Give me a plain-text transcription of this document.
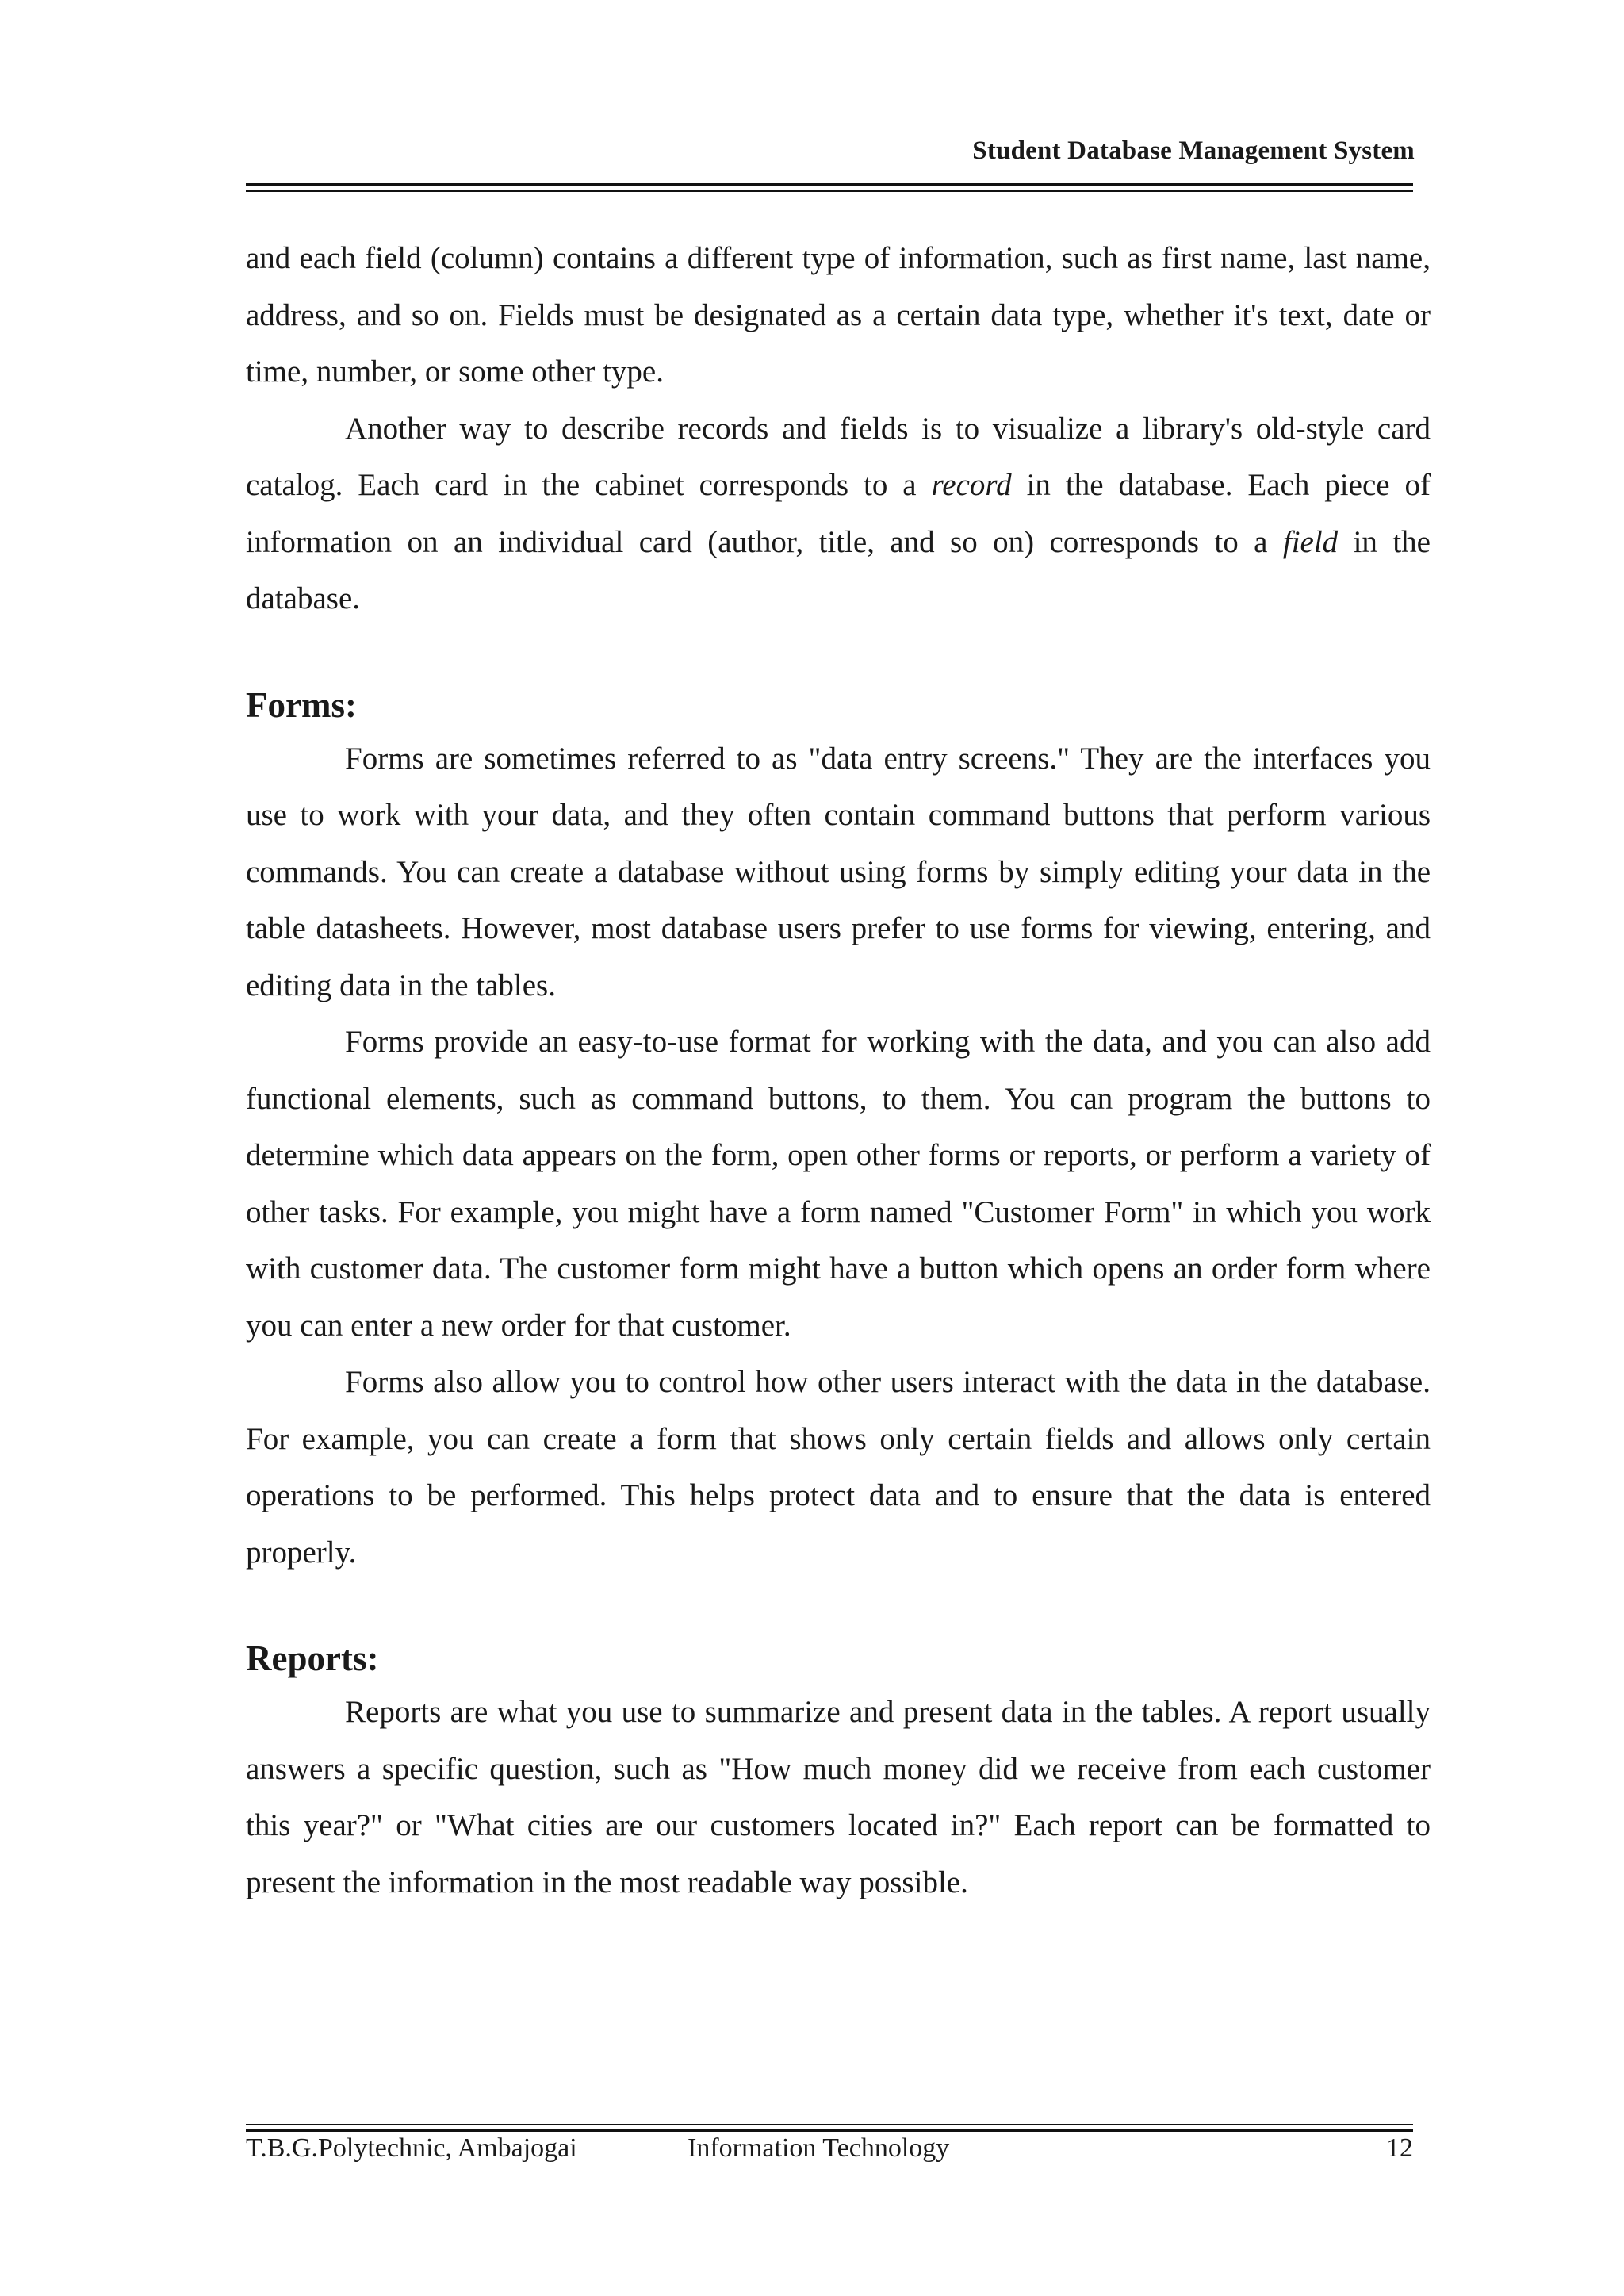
Student Database Management System

and each field (column) contains a different type of information, such as first name, last name, address, and so on. Fields must be designated as a certain data type, whether it's text, date or time, number, or some other type.

Another way to describe records and fields is to visualize a library's old-style card catalog. Each card in the cabinet corresponds to a record in the database. Each piece of information on an individual card (author, title, and so on) corresponds to a field in the database.

Forms:

Forms are sometimes referred to as "data entry screens." They are the interfaces you use to work with your data, and they often contain command buttons that perform various commands. You can create a database without using forms by simply editing your data in the table datasheets. However, most database users prefer to use forms for viewing, entering, and editing data in the tables.

Forms provide an easy-to-use format for working with the data, and you can also add functional elements, such as command buttons, to them. You can program the buttons to determine which data appears on the form, open other forms or reports, or perform a variety of other tasks. For example, you might have a form named "Customer Form" in which you work with customer data. The customer form might have a button which opens an order form where you can enter a new order for that customer.

Forms also allow you to control how other users interact with the data in the database. For example, you can create a form that shows only certain fields and allows only certain operations to be performed. This helps protect data and to ensure that the data is entered properly.

Reports:

Reports are what you use to summarize and present data in the tables. A report usually answers a specific question, such as "How much money did we receive from each customer this year?" or "What cities are our customers located in?" Each report can be formatted to present the information in the most readable way possible.

T.B.G.Polytechnic, Ambajogai	Information Technology	12
